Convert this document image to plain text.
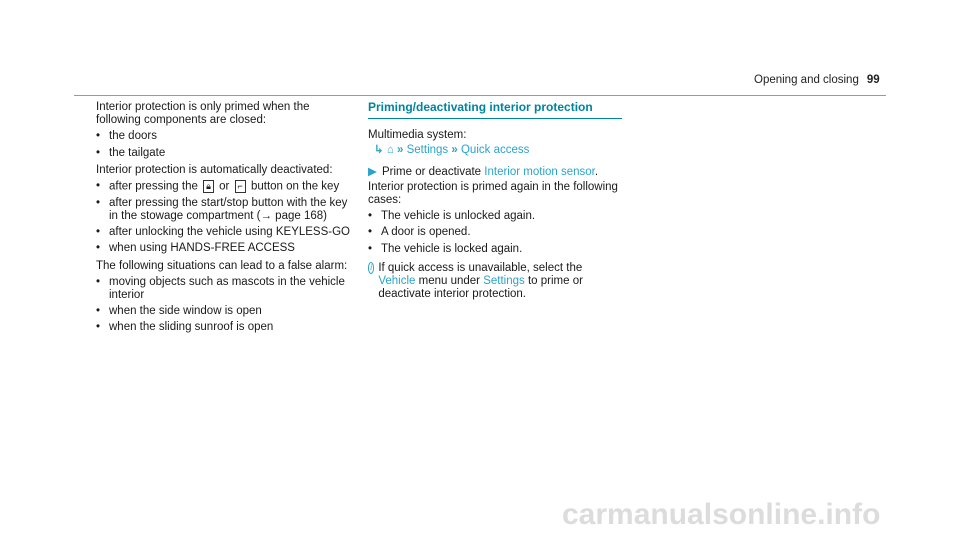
Opening and closing 99

Interior protection is only primed when the following components are closed:

• the doors
• the tailgate

Interior protection is automatically deactivated:

• after pressing the 🔒︎ or ⌐ button on the key
• after pressing the start/stop button with the key in the stowage compartment (→ page 168)
• after unlocking the vehicle using KEYLESS-GO
• when using HANDS-FREE ACCESS

The following situations can lead to a false alarm:

• moving objects such as mascots in the vehicle interior
• when the side window is open
• when the sliding sunroof is open
Priming/deactivating interior protection

Multimedia system:

↳ ⌂ » Settings » Quick access
▶ Prime or deactivate Interior motion sensor.

Interior protection is primed again in the following cases:

• The vehicle is unlocked again.
• A door is opened.
• The vehicle is locked again.
i If quick access is unavailable, select the Vehicle menu under Settings to prime or deactivate interior protection.
carmanualsonline.info
